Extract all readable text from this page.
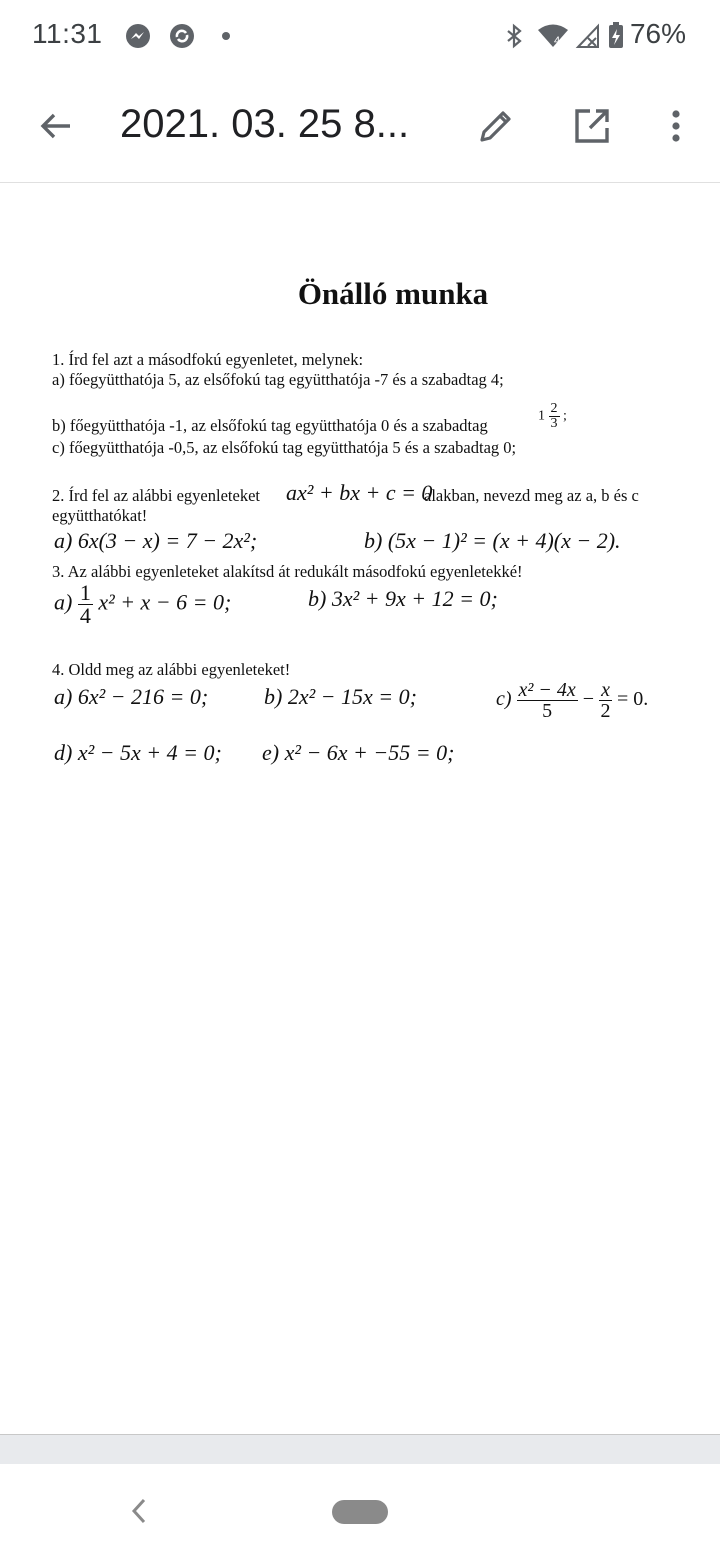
11:31	4 76%
2021. 03. 25 8...
Önálló munka
1. Írd fel azt a másodfokú egyenletet, melynek:
a) főegyütthatója 5, az elsőfokú tag együtthatója -7 és a szabadtag 4;
b) főegyütthatója -1, az elsőfokú tag együtthatója 0 és a szabadtag	$1 \frac{2}{3}$ ;
c) főegyütthatója -0,5, az elsőfokú tag együtthatója 5 és a szabadtag 0;
2. Írd fel az alábbi egyenleteket ax² + bx + c = 0
alakban, nevezd meg az a, b és c
együtthatókat!
a) 6x(3 − x) = 7 − 2x²;	b) (5x − 1)² = (x + 4)(x − 2).
3. Az alábbi egyenleteket alakítsd át redukált másodfokú egyenletekké!
$a) \frac{1}{4} x^2 + x - 6 = 0$;	b) 3x² + 9x + 12 = 0;
4. Oldd meg az alábbi egyenleteket!
a) 6x² − 216 = 0;	b) 2x² − 15x = 0;	$c) \frac{\text{x² − 4x}}{5} - \frac{x}{2} = 0$.
d) x² − 5x + 4 = 0; e) x² − 6x + −55 = 0;
